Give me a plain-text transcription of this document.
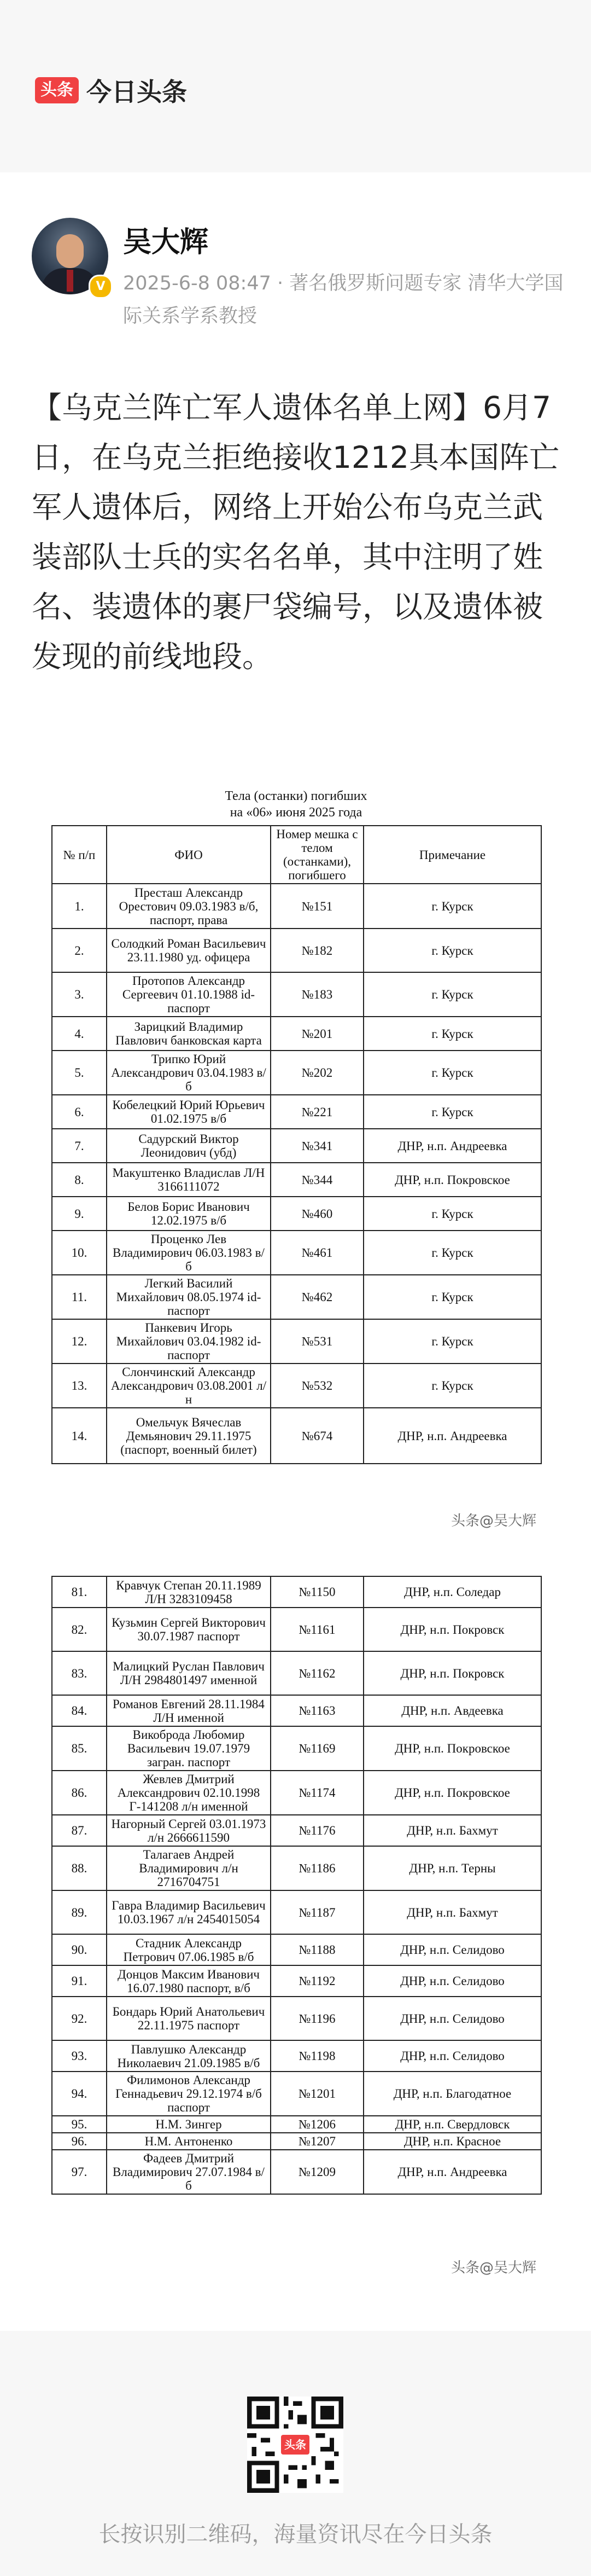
头条 今日头条
V
吴大辉
2025-6-8 08:47 · 著名俄罗斯问题专家 清华大学国际关系学系教授
【乌克兰阵亡军人遗体名单上网】6月7日，在乌克兰拒绝接收1212具本国阵亡军人遗体后，网络上开始公布乌克兰武装部队士兵的实名名单，其中注明了姓名、装遗体的裹尸袋编号，以及遗体被发现的前线地段。
Тела (останки) погибших
на «06» июня 2025 года
№ п/п	ФИО	Номер мешка с телом (останками), погибшего	Примечание
1.	Престаш Александр Орестович 09.03.1983 в/б, паспорт, права	№151	г. Курск
2.	Солодкий Роман Васильевич 23.11.1980 уд. офицера	№182	г. Курск
3.	Протопов Александр Сергеевич 01.10.1988 id-паспорт	№183	г. Курск
4.	Зарицкий Владимир Павлович банковская карта	№201	г. Курск
5.	Трипко Юрий Александрович 03.04.1983 в/б	№202	г. Курск
6.	Кобелецкий Юрий Юрьевич 01.02.1975 в/б	№221	г. Курск
7.	Садурский Виктор Леонидович (убд)	№341	ДНР, н.п. Андреевка
8.	Макуштенко Владислав Л/Н 3166111072	№344	ДНР, н.п. Покровское
9.	Белов Борис Иванович 12.02.1975 в/б	№460	г. Курск
10.	Проценко Лев Владимирович 06.03.1983 в/б	№461	г. Курск
11.	Легкий Василий Михайлович 08.05.1974 id-паспорт	№462	г. Курск
12.	Панкевич Игорь Михайлович 03.04.1982 id-паспорт	№531	г. Курск
13.	Слончинский Александр Александрович 03.08.2001 л/н	№532	г. Курск
14.	Омельчук Вячеслав Демьянович 29.11.1975 (паспорт, военный билет)	№674	ДНР, н.п. Андреевка
头条@吴大辉
81.	Кравчук Степан 20.11.1989 Л/Н 3283109458	№1150	ДНР, н.п. Соледар
82.	Кузьмин Сергей Викторович 30.07.1987 паспорт	№1161	ДНР, н.п. Покровск
83.	Малицкий Руслан Павлович Л/Н 2984801497 именной	№1162	ДНР, н.п. Покровск
84.	Романов Евгений 28.11.1984 Л/Н именной	№1163	ДНР, н.п. Авдеевка
85.	Викоброда Любомир Васильевич 19.07.1979 загран. паспорт	№1169	ДНР, н.п. Покровское
86.	Жевлев Дмитрий Александрович 02.10.1998 Г-141208 л/н именной	№1174	ДНР, н.п. Покровское
87.	Нагорный Сергей 03.01.1973 л/н 2666611590	№1176	ДНР, н.п. Бахмут
88.	Талагаев Андрей Владимирович л/н 2716704751	№1186	ДНР, н.п. Терны
89.	Гавра Владимир Васильевич 10.03.1967 л/н 2454015054	№1187	ДНР, н.п. Бахмут
90.	Стадник Александр Петрович 07.06.1985 в/б	№1188	ДНР, н.п. Селидово
91.	Донцов Максим Иванович 16.07.1980 паспорт, в/б	№1192	ДНР, н.п. Селидово
92.	Бондарь Юрий Анатольевич 22.11.1975 паспорт	№1196	ДНР, н.п. Селидово
93.	Павлушко Александр Николаевич 21.09.1985 в/б	№1198	ДНР, н.п. Селидово
94.	Филимонов Александр Геннадьевич 29.12.1974 в/б паспорт	№1201	ДНР, н.п. Благодатное
95.	Н.М. Зингер	№1206	ДНР, н.п. Свердловск
96.	Н.М. Антоненко	№1207	ДНР, н.п. Красное
97.	Фадеев Дмитрий Владимирович 27.07.1984 в/б	№1209	ДНР, н.п. Андреевка
头条@吴大辉
头条
长按识别二维码，海量资讯尽在今日头条
